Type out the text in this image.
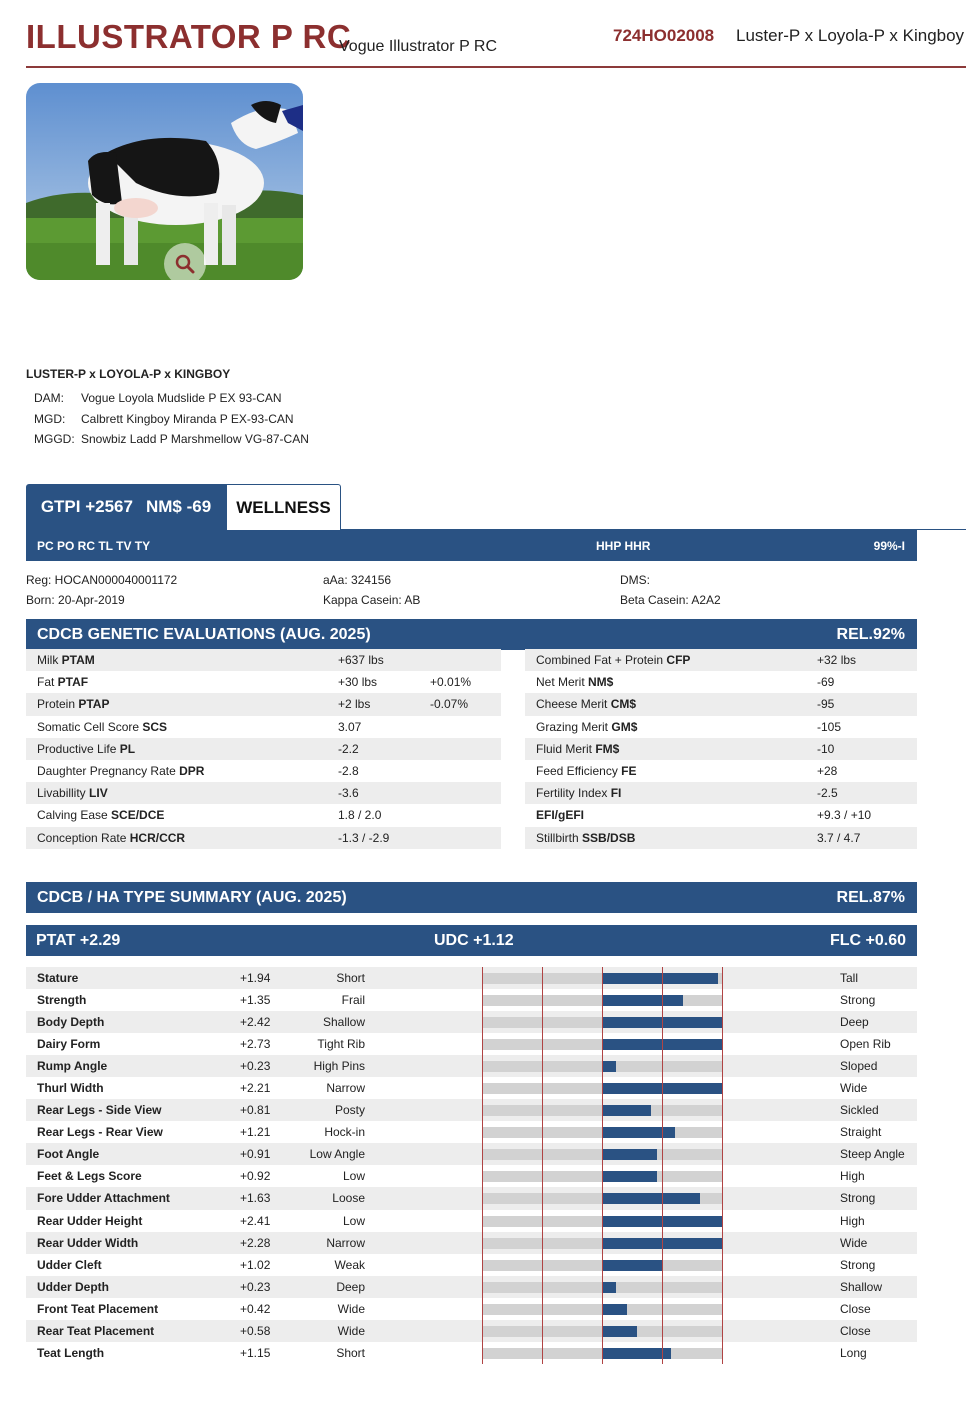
ILLUSTRATOR P RC
Vogue Illustrator P RC
724HO02008 Luster-P x Loyola-P x Kingboy
LUSTER-P x LOYOLA-P x KINGBOY
DAM: Vogue Loyola Mudslide P EX 93-CAN
MGD: Calbrett Kingboy Miranda P EX-93-CAN
MGGD: Snowbiz Ladd P Marshmellow VG-87-CAN
GTPI +2567 NM$ -69 WELLNESS
PC PO RC TL TV TY	HHP HHR	99%-I
Reg: HOCAN000040001172
Born: 20-Apr-2019
aAa: 324156
Kappa Casein: AB
DMS:
Beta Casein: A2A2
CDCB GENETIC EVALUATIONS (AUG. 2025)	REL.92%
Milk PTAM	+637 lbs
Fat PTAF	+30 lbs	+0.01%
Protein PTAP	+2 lbs	-0.07%
Somatic Cell Score SCS	3.07
Productive Life PL	-2.2
Daughter Pregnancy Rate DPR	-2.8
Livabillity LIV	-3.6
Calving Ease SCE/DCE	1.8 / 2.0
Conception Rate HCR/CCR	-1.3 / -2.9
Combined Fat + Protein CFP	+32 lbs
Net Merit NM$	-69
Cheese Merit CM$	-95
Grazing Merit GM$	-105
Fluid Merit FM$	-10
Feed Efficiency FE	+28
Fertility Index FI	-2.5
EFI/gEFI	+9.3 / +10
Stillbirth SSB/DSB	3.7 / 4.7
CDCB / HA TYPE SUMMARY (AUG. 2025)	REL.87%
PTAT +2.29	UDC +1.12	FLC +0.60
Stature	+1.94	Short	Tall
Strength	+1.35	Frail	Strong
Body Depth	+2.42	Shallow	Deep
Dairy Form	+2.73	Tight Rib	Open Rib
Rump Angle	+0.23	High Pins	Sloped
Thurl Width	+2.21	Narrow	Wide
Rear Legs - Side View	+0.81	Posty	Sickled
Rear Legs - Rear View	+1.21	Hock-in	Straight
Foot Angle	+0.91	Low Angle	Steep Angle
Feet & Legs Score	+0.92	Low	High
Fore Udder Attachment	+1.63	Loose	Strong
Rear Udder Height	+2.41	Low	High
Rear Udder Width	+2.28	Narrow	Wide
Udder Cleft	+1.02	Weak	Strong
Udder Depth	+0.23	Deep	Shallow
Front Teat Placement	+0.42	Wide	Close
Rear Teat Placement	+0.58	Wide	Close
Teat Length	+1.15	Short	Long
